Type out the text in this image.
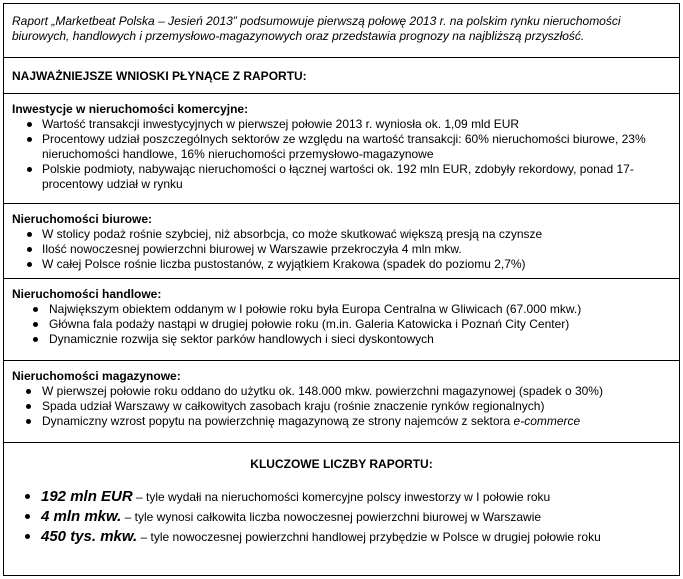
Raport „Marketbeat Polska – Jesień 2013” podsumowuje pierwszą połowę 2013 r. na polskim rynku nieruchomości biurowych, handlowych i przemysłowo-magazynowych oraz przedstawia prognozy na najbliższą przyszłość.
NAJWAŻNIEJSZE WNIOSKI PŁYNĄCE Z RAPORTU:
Inwestycje w nieruchomości komercyjne:
Wartość transakcji inwestycyjnych w pierwszej połowie 2013 r. wyniosła ok. 1,09 mld EUR
Procentowy udział poszczególnych sektorów ze względu na wartość transakcji: 60% nieruchomości biurowe, 23% nieruchomości handlowe, 16% nieruchomości przemysłowo-magazynowe
Polskie podmioty, nabywając nieruchomości o łącznej wartości ok. 192 mln EUR, zdobyły rekordowy, ponad 17-procentowy udział w rynku
Nieruchomości biurowe:
W stolicy podaż rośnie szybciej, niż absorbcja, co może skutkować większą presją na czynsze
Ilość nowoczesnej powierzchni biurowej w Warszawie przekroczyła 4 mln mkw.
W całej Polsce rośnie liczba pustostanów, z wyjątkiem Krakowa (spadek do poziomu 2,7%)
Nieruchomości handlowe:
Największym obiektem oddanym w I połowie roku była Europa Centralna w Gliwicach (67.000 mkw.)
Główna fala podaży nastąpi w drugiej połowie roku (m.in. Galeria Katowicka i Poznań City Center)
Dynamicznie rozwija się sektor parków handlowych i sieci dyskontowych
Nieruchomości magazynowe:
W pierwszej połowie roku oddano do użytku ok. 148.000 mkw. powierzchni magazynowej (spadek o 30%)
Spada udział Warszawy w całkowitych zasobach kraju (rośnie znaczenie rynków regionalnych)
Dynamiczny wzrost popytu na powierzchnię magazynową ze strony najemców z sektora e-commerce
KLUCZOWE LICZBY RAPORTU:
192 mln EUR – tyle wydałi na nieruchomości komercyjne polscy inwestorzy w I połowie roku
4 mln mkw. – tyle wynosi całkowita liczba nowoczesnej powierzchni biurowej w Warszawie
450 tys. mkw. – tyle nowoczesnej powierzchni handlowej przybędzie w Polsce w drugiej połowie roku
